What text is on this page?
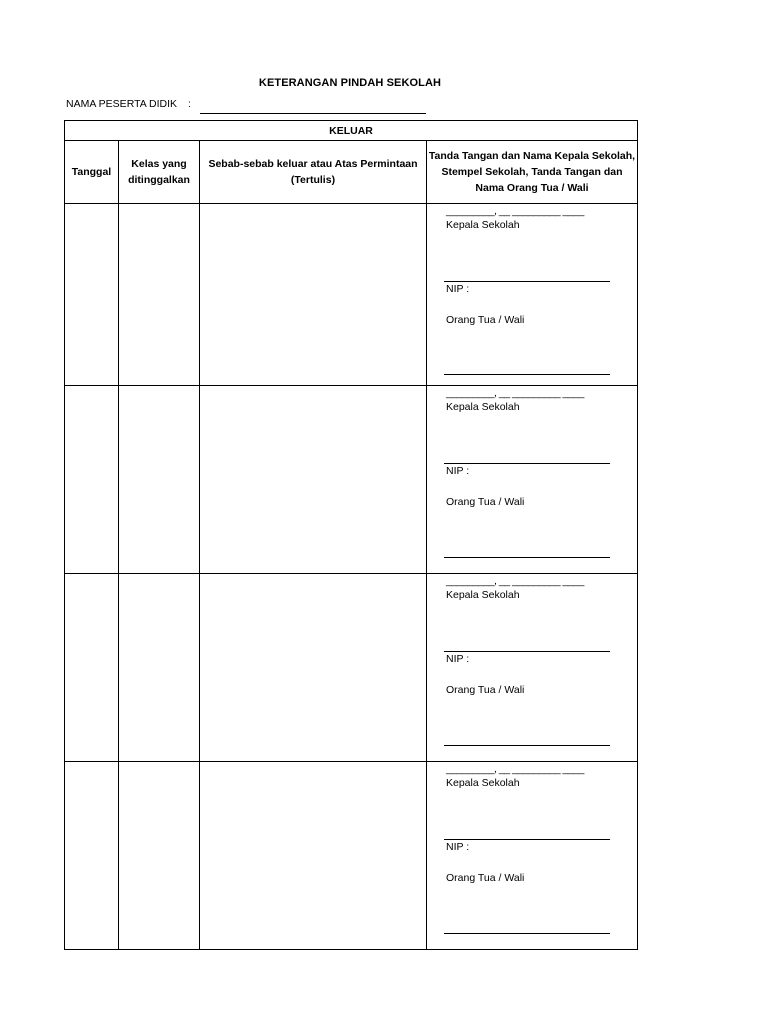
KETERANGAN PINDAH SEKOLAH
NAMA PESERTA DIDIK :
KELUAR			
Tanggal	Kelas yang ditinggalkan	Sebab-sebab keluar atau Atas Permintaan (Tertulis)	Tanda Tangan dan Nama Kepala Sekolah, Stempel Sekolah, Tanda Tangan dan Nama Orang Tua / Wali

			_________, __ _________ ____
Kepala Sekolah
NIP :
Orang Tua / Wali

			_________, __ _________ ____
Kepala Sekolah
NIP :
Orang Tua / Wali

			_________, __ _________ ____
Kepala Sekolah
NIP :
Orang Tua / Wali

			_________, __ _________ ____
Kepala Sekolah
NIP :
Orang Tua / Wali
